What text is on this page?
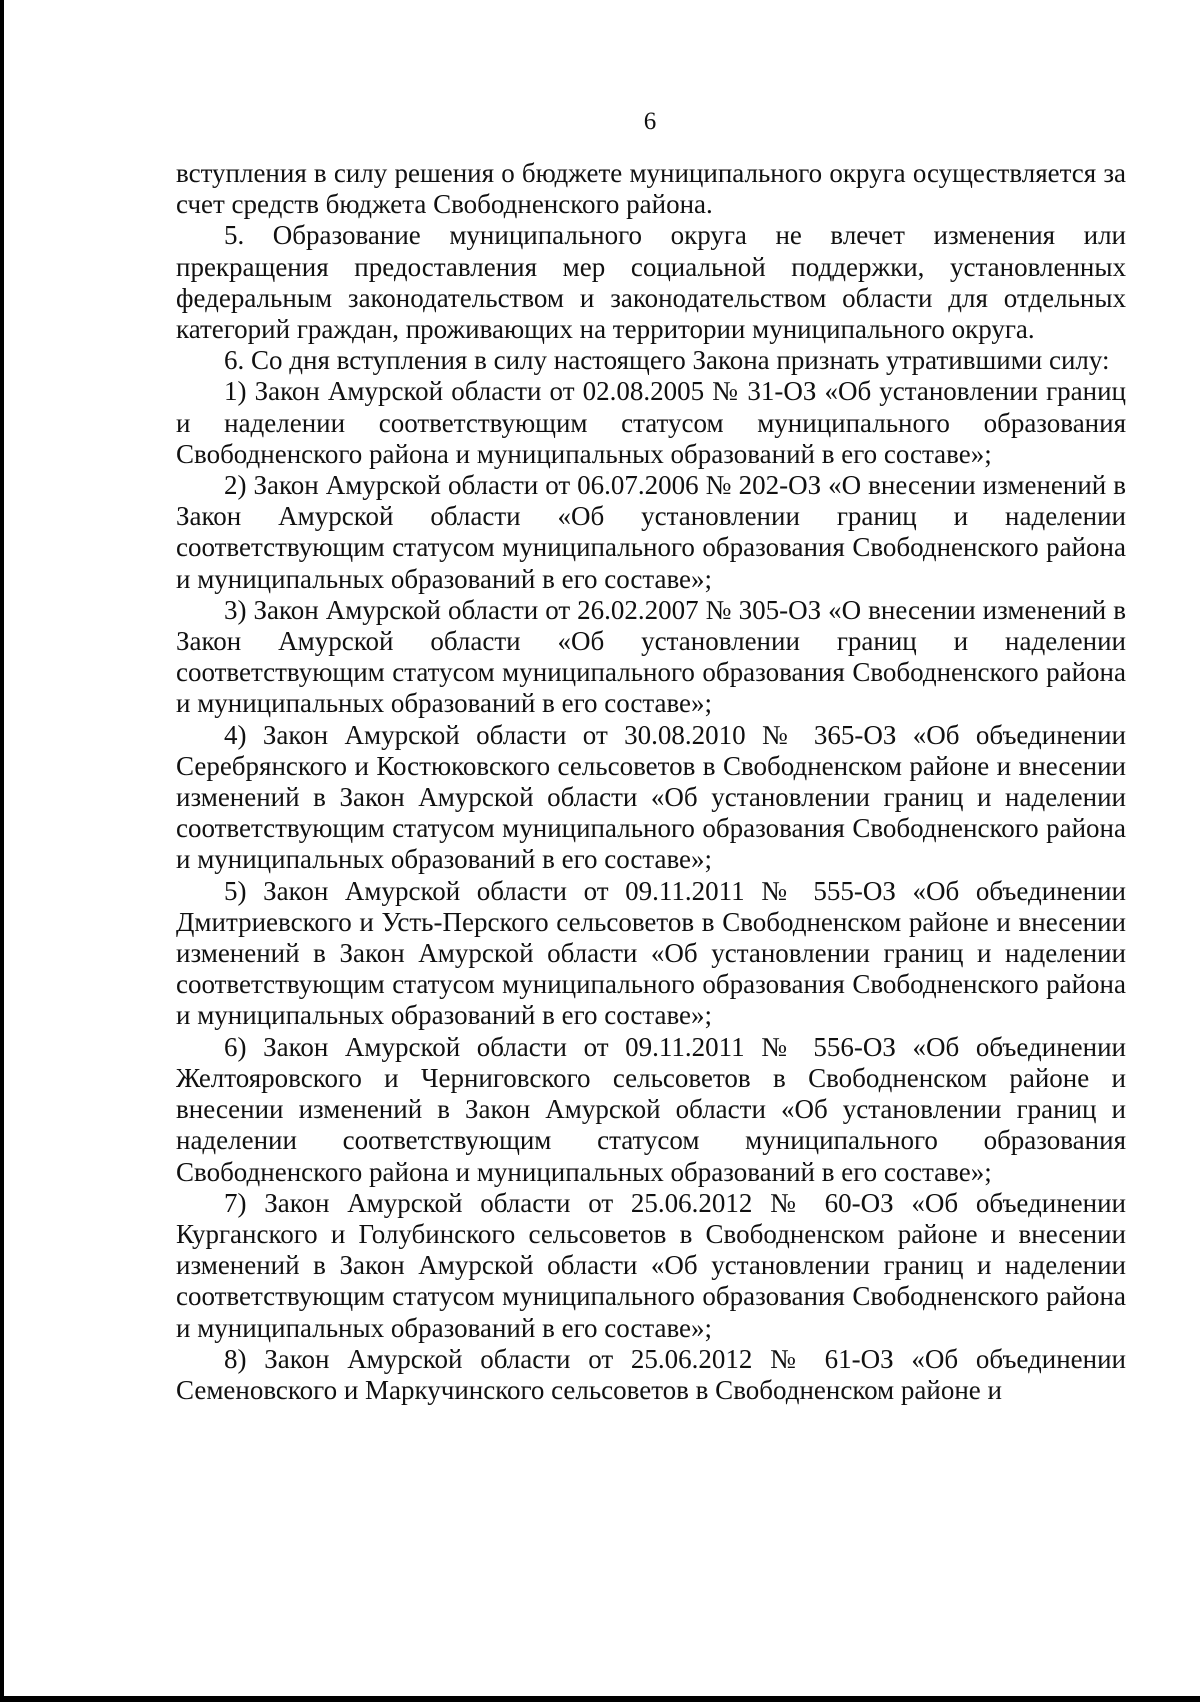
6

вступления в силу решения о бюджете муниципального округа осуществляется за счет средств бюджета Свободненского района.

5. Образование муниципального округа не влечет изменения или прекращения предоставления мер социальной поддержки, установленных федеральным законодательством и законодательством области для отдельных категорий граждан, проживающих на территории муниципального округа.

6. Со дня вступления в силу настоящего Закона признать утратившими силу:

1) Закон Амурской области от 02.08.2005 № 31-ОЗ «Об установлении границ и наделении соответствующим статусом муниципального образования Свободненского района и муниципальных образований в его составе»;

2) Закон Амурской области от 06.07.2006 № 202-ОЗ «О внесении изменений в Закон Амурской области «Об установлении границ и наделении соответствующим статусом муниципального образования Свободненского района и муниципальных образований в его составе»;

3) Закон Амурской области от 26.02.2007 № 305-ОЗ «О внесении изменений в Закон Амурской области «Об установлении границ и наделении соответствующим статусом муниципального образования Свободненского района и муниципальных образований в его составе»;

4) Закон Амурской области от 30.08.2010 № 365-ОЗ «Об объединении Серебрянского и Костюковского сельсоветов в Свободненском районе и внесении изменений в Закон Амурской области «Об установлении границ и наделении соответствующим статусом муниципального образования Свободненского района и муниципальных образований в его составе»;

5) Закон Амурской области от 09.11.2011 № 555-ОЗ «Об объединении Дмитриевского и Усть-Перского сельсоветов в Свободненском районе и внесении изменений в Закон Амурской области «Об установлении границ и наделении соответствующим статусом муниципального образования Свободненского района и муниципальных образований в его составе»;

6) Закон Амурской области от 09.11.2011 № 556-ОЗ «Об объединении Желтояровского и Черниговского сельсоветов в Свободненском районе и внесении изменений в Закон Амурской области «Об установлении границ и наделении соответствующим статусом муниципального образования Свободненского района и муниципальных образований в его составе»;

7) Закон Амурской области от 25.06.2012 № 60-ОЗ «Об объединении Курганского и Голубинского сельсоветов в Свободненском районе и внесении изменений в Закон Амурской области «Об установлении границ и наделении соответствующим статусом муниципального образования Свободненского района и муниципальных образований в его составе»;

8) Закон Амурской области от 25.06.2012 № 61-ОЗ «Об объединении Семеновского и Маркучинского сельсоветов в Свободненском районе и
